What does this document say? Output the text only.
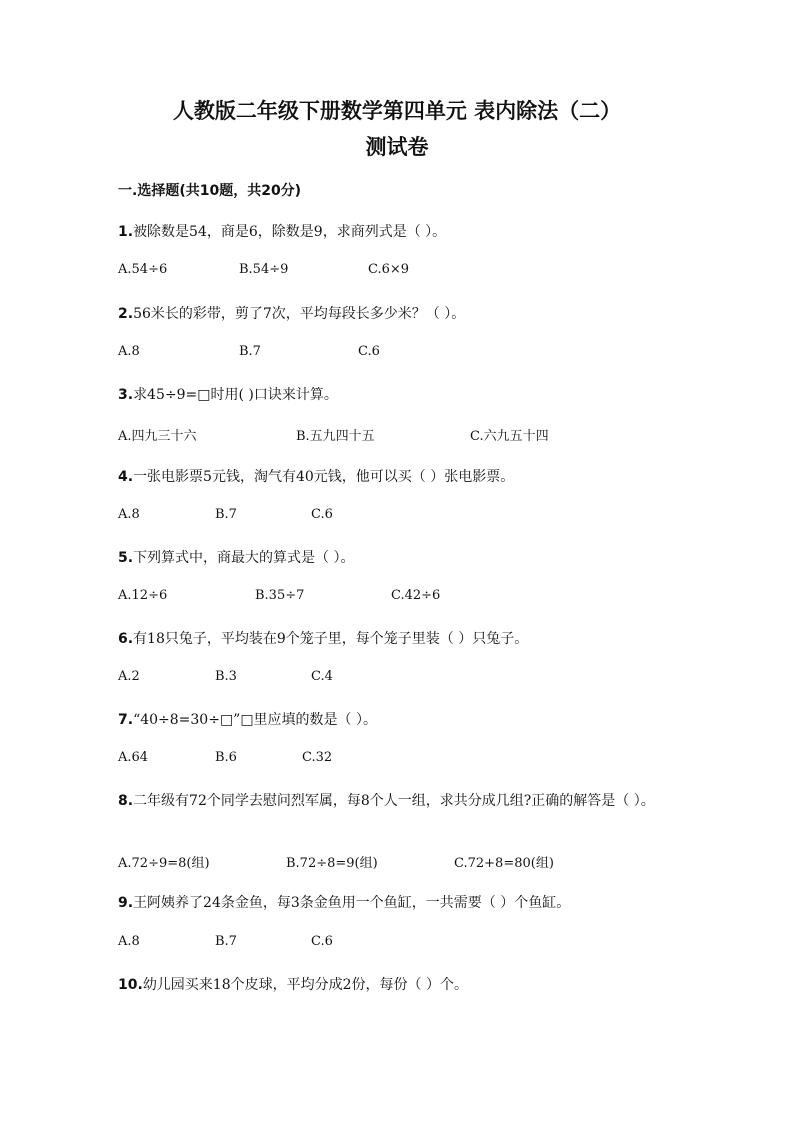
人教版二年级下册数学第四单元 表内除法（二）
测试卷
一.选择题(共10题，共20分)
1.被除数是54，商是6，除数是9，求商列式是（ ）。
A.54÷6	B.54÷9	C.6×9
2.56米长的彩带，剪了7次，平均每段长多少米？（ ）。
A.8	B.7	C.6
3.求45÷9=□时用( )口诀来计算。
A.四九三十六	B.五九四十五	C.六九五十四
4.一张电影票5元钱，淘气有40元钱，他可以买（ ）张电影票。
A.8	B.7	C.6
5.下列算式中，商最大的算式是（ ）。
A.12÷6	B.35÷7	C.42÷6
6.有18只兔子，平均装在9个笼子里，每个笼子里装（ ）只兔子。
A.2	B.3	C.4
7.“40÷8=30÷□”□里应填的数是（ ）。
A.64	B.6	C.32
8.二年级有72个同学去慰问烈军属，每8个人一组，求共分成几组?正确的解答是（ ）。
A.72÷9=8(组)	B.72÷8=9(组)	C.72+8=80(组)
9.王阿姨养了24条金鱼，每3条金鱼用一个鱼缸，一共需要（ ）个鱼缸。
A.8	B.7	C.6
10.幼儿园买来18个皮球，平均分成2份，每份（ ）个。
